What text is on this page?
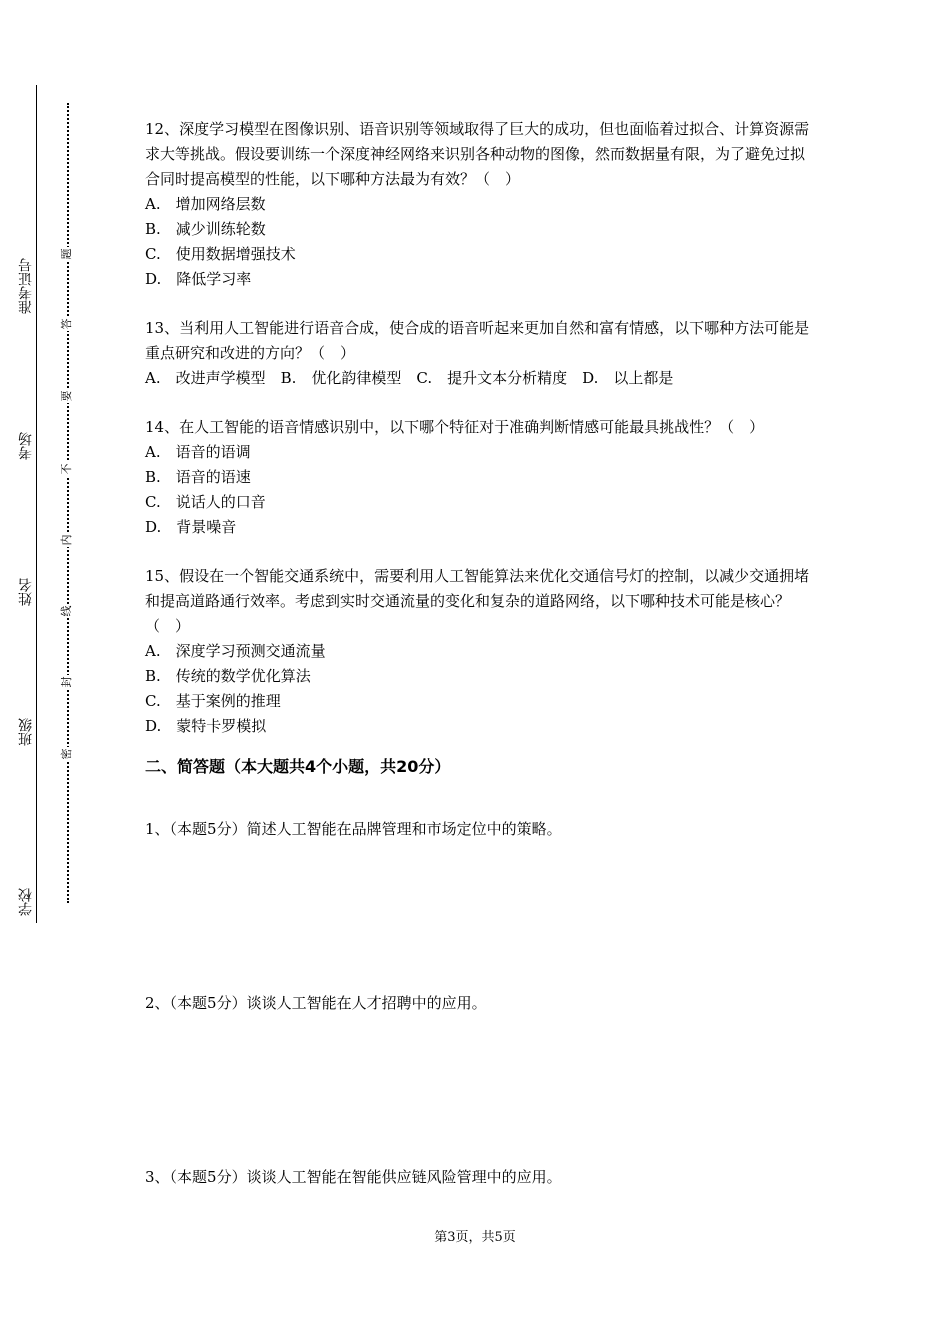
准考证号
考场
姓名
班级
学校
题
答
要
不
内
线
封
密

12、深度学习模型在图像识别、语音识别等领域取得了巨大的成功，但也面临着过拟合、计算资源需求大等挑战。假设要训练一个深度神经网络来识别各种动物的图像，然而数据量有限，为了避免过拟合同时提高模型的性能，以下哪种方法最为有效？（　）

A.　增加网络层数

B.　减少训练轮数

C.　使用数据增强技术

D.　降低学习率

13、当利用人工智能进行语音合成，使合成的语音听起来更加自然和富有情感，以下哪种方法可能是重点研究和改进的方向？（　）

A.　改进声学模型　B.　优化韵律模型　C.　提升文本分析精度　D.　以上都是

14、在人工智能的语音情感识别中，以下哪个特征对于准确判断情感可能最具挑战性？（　）

A.　语音的语调

B.　语音的语速

C.　说话人的口音

D.　背景噪音

15、假设在一个智能交通系统中，需要利用人工智能算法来优化交通信号灯的控制，以减少交通拥堵和提高道路通行效率。考虑到实时交通流量的变化和复杂的道路网络，以下哪种技术可能是核心？（　）

A.　深度学习预测交通流量

B.　传统的数学优化算法

C.　基于案例的推理

D.　蒙特卡罗模拟

二、简答题（本大题共4个小题，共20分）

1、（本题5分）简述人工智能在品牌管理和市场定位中的策略。
2、（本题5分）谈谈人工智能在人才招聘中的应用。
3、（本题5分）谈谈人工智能在智能供应链风险管理中的应用。
第3页，共5页
